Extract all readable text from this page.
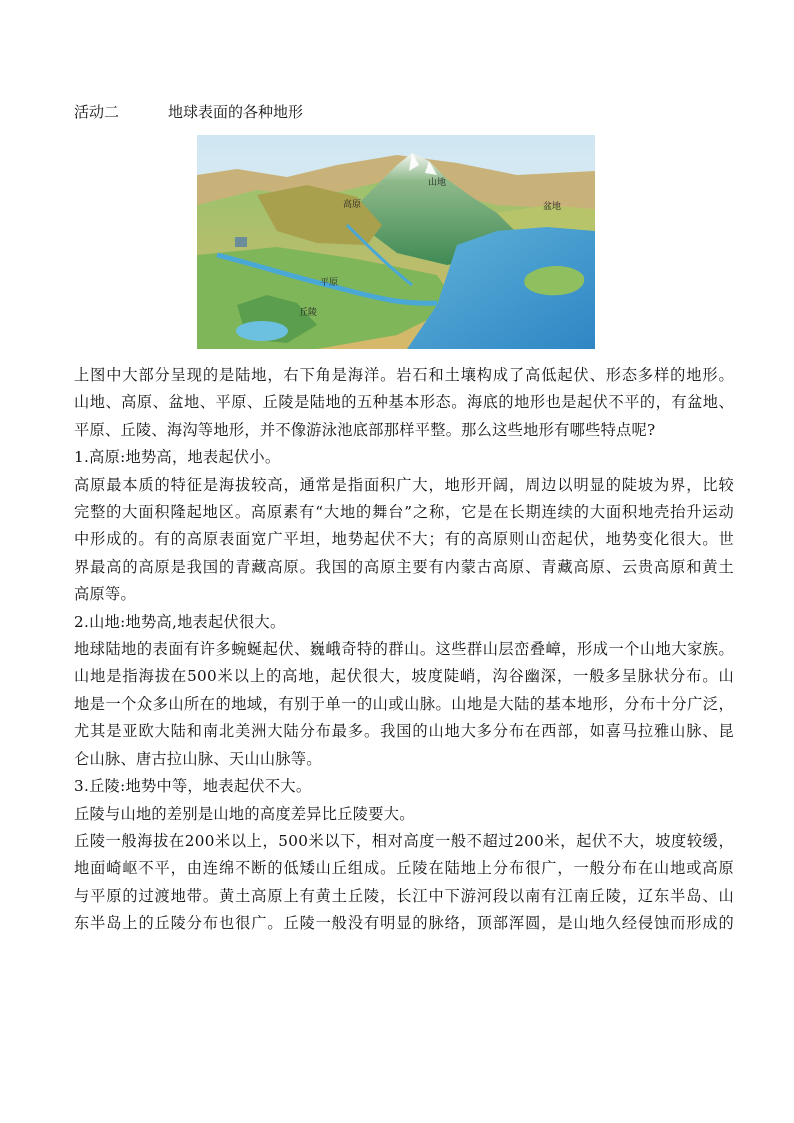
活动二	地球表面的各种地形
山地
高原	盆地
平原
丘陵

上图中大部分呈现的是陆地，右下角是海洋。岩石和土壤构成了高低起伏、形态多样的地形。

山地、高原、盆地、平原、丘陵是陆地的五种基本形态。海底的地形也是起伏不平的，有盆地、

平原、丘陵、海沟等地形，并不像游泳池底部那样平整。那么这些地形有哪些特点呢?

1.高原:地势高，地表起伏小。

高原最本质的特征是海拔较高，通常是指面积广大，地形开阔，周边以明显的陡坡为界，比较

完整的大面积隆起地区。高原素有“大地的舞台”之称，它是在长期连续的大面积地壳抬升运动

中形成的。有的高原表面宽广平坦，地势起伏不大；有的高原则山峦起伏，地势变化很大。世

界最高的高原是我国的青藏高原。我国的高原主要有内蒙古高原、青藏高原、云贵高原和黄土

高原等。

2.山地:地势高,地表起伏很大。

地球陆地的表面有许多蜿蜒起伏、巍峨奇特的群山。这些群山层峦叠嶂，形成一个山地大家族。

山地是指海拔在500米以上的高地，起伏很大，坡度陡峭，沟谷幽深，一般多呈脉状分布。山

地是一个众多山所在的地域，有别于单一的山或山脉。山地是大陆的基本地形，分布十分广泛，

尤其是亚欧大陆和南北美洲大陆分布最多。我国的山地大多分布在西部，如喜马拉雅山脉、昆

仑山脉、唐古拉山脉、天山山脉等。

3.丘陵:地势中等，地表起伏不大。

丘陵与山地的差别是山地的高度差异比丘陵要大。

丘陵一般海拔在200米以上，500米以下，相对高度一般不超过200米，起伏不大，坡度较缓，

地面崎岖不平，由连绵不断的低矮山丘组成。丘陵在陆地上分布很广，一般分布在山地或高原

与平原的过渡地带。黄土高原上有黄土丘陵，长江中下游河段以南有江南丘陵，辽东半岛、山

东半岛上的丘陵分布也很广。丘陵一般没有明显的脉络，顶部浑圆，是山地久经侵蚀而形成的
